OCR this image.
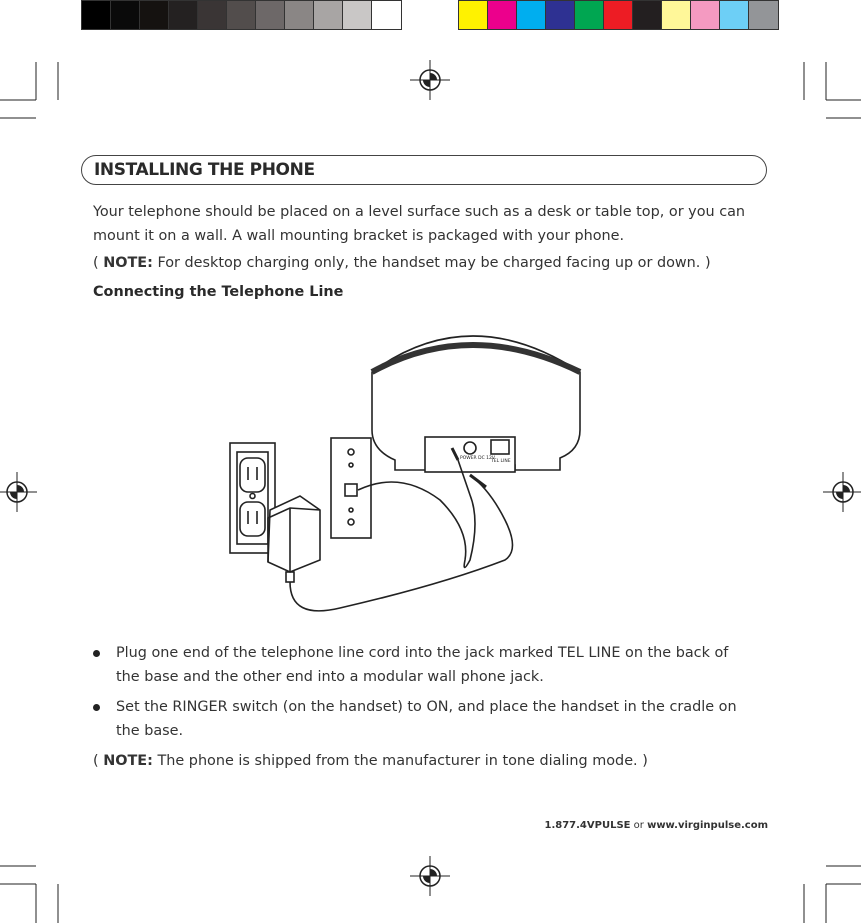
INSTALLING THE PHONE
Your telephone should be placed on a level surface such as a desk or table top, or you can
mount it on a wall. A wall mounting bracket is packaged with your phone.
( NOTE: For desktop charging only, the handset may be charged facing up or down. )
Connecting the Telephone Line
POWER DC 12V
TEL LINE
Plug one end of the telephone line cord into the jack marked TEL LINE on the back of
the base and the other end into a modular wall phone jack.
Set the RINGER switch (on the handset) to ON, and place the handset in the cradle on
the base.
( NOTE: The phone is shipped from the manufacturer in tone dialing mode. )
1.877.4VPULSE or www.virginpulse.com
